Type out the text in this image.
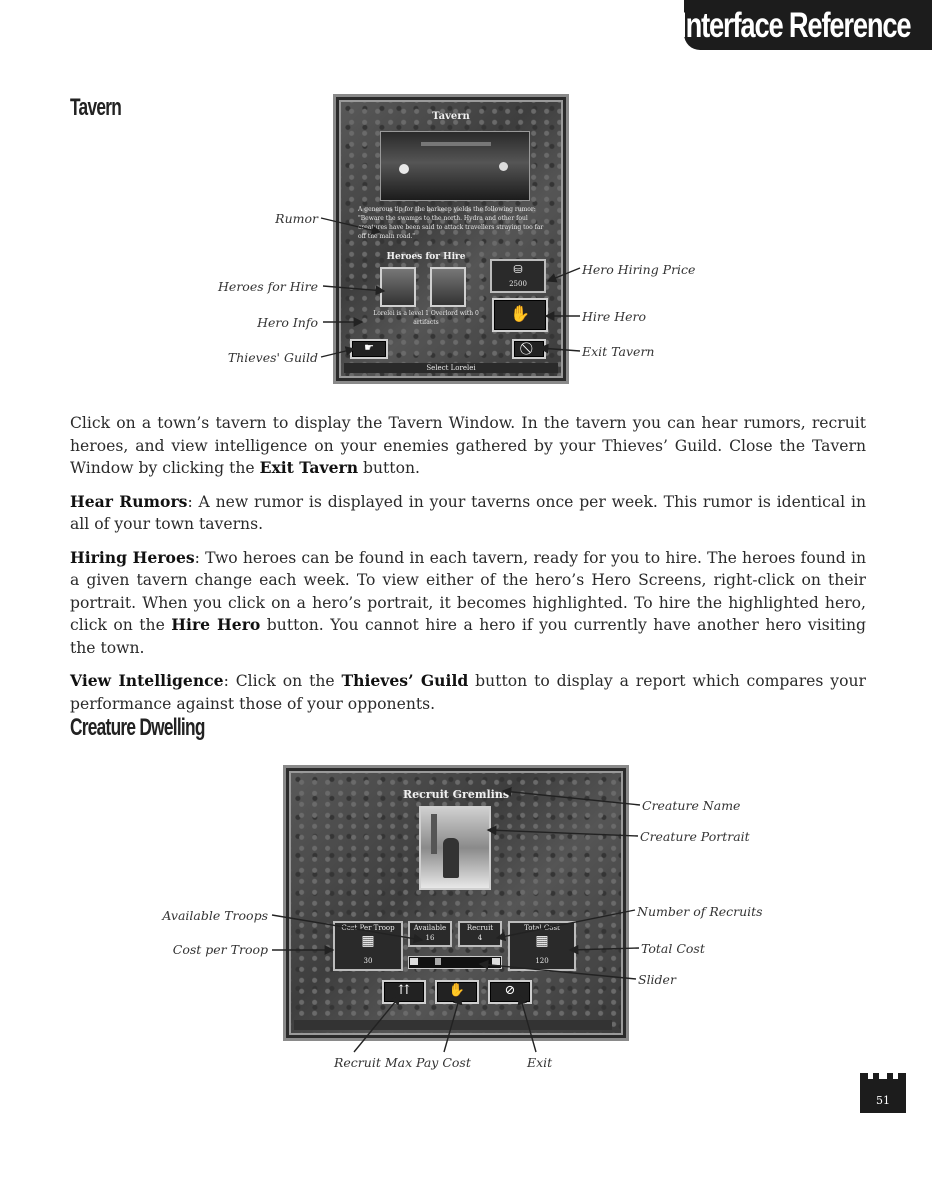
Interface Reference
Tavern	Tavern
A generous tip for the barkeep yields the following rumor: "Beware the swamps to the north. Hydra and other foul creatures have been said to attack travellers straying too far off the main road."
Heroes for Hire
⛁
2500
Lorelei is a level 1 Overlord with 0 artifacts	✋
☛
Select Lorelei
Rumor
Heroes for Hire
Hero Info
Thieves' Guild
Hero Hiring Price
Hire Hero
Exit Tavern

Click on a town’s tavern to display the Tavern Window. In the tavern you can hear rumors, recruit heroes, and view intelligence on your enemies gathered by your Thieves’ Guild. Close the Tavern Window by clicking the Exit Tavern button.

Hear Rumors: A new rumor is displayed in your taverns once per week. This rumor is identical in all of your town taverns.

Hiring Heroes: Two heroes can be found in each tavern, ready for you to hire. The heroes found in a given tavern change each week. To view either of the hero’s Hero Screens, right-click on their portrait. When you click on a hero’s portrait, it becomes highlighted. To hire the highlighted hero, click on the Hire Hero button. You cannot hire a hero if you currently have another hero visiting the town.

View Intelligence: Click on the Thieves’ Guild button to display a report which compares your performance against those of your opponents.

Creature Dwelling
Recruit Gremlins
Cost Per Troop
▦
30
Available
16
Recruit
4
Total Cost
▦
120
⇈	✋	⊘
Creature Name
Creature Portrait
Number of Recruits
Total Cost
Slider
Available Troops
Cost per Troop
Recruit Max Pay Cost	Exit
51
